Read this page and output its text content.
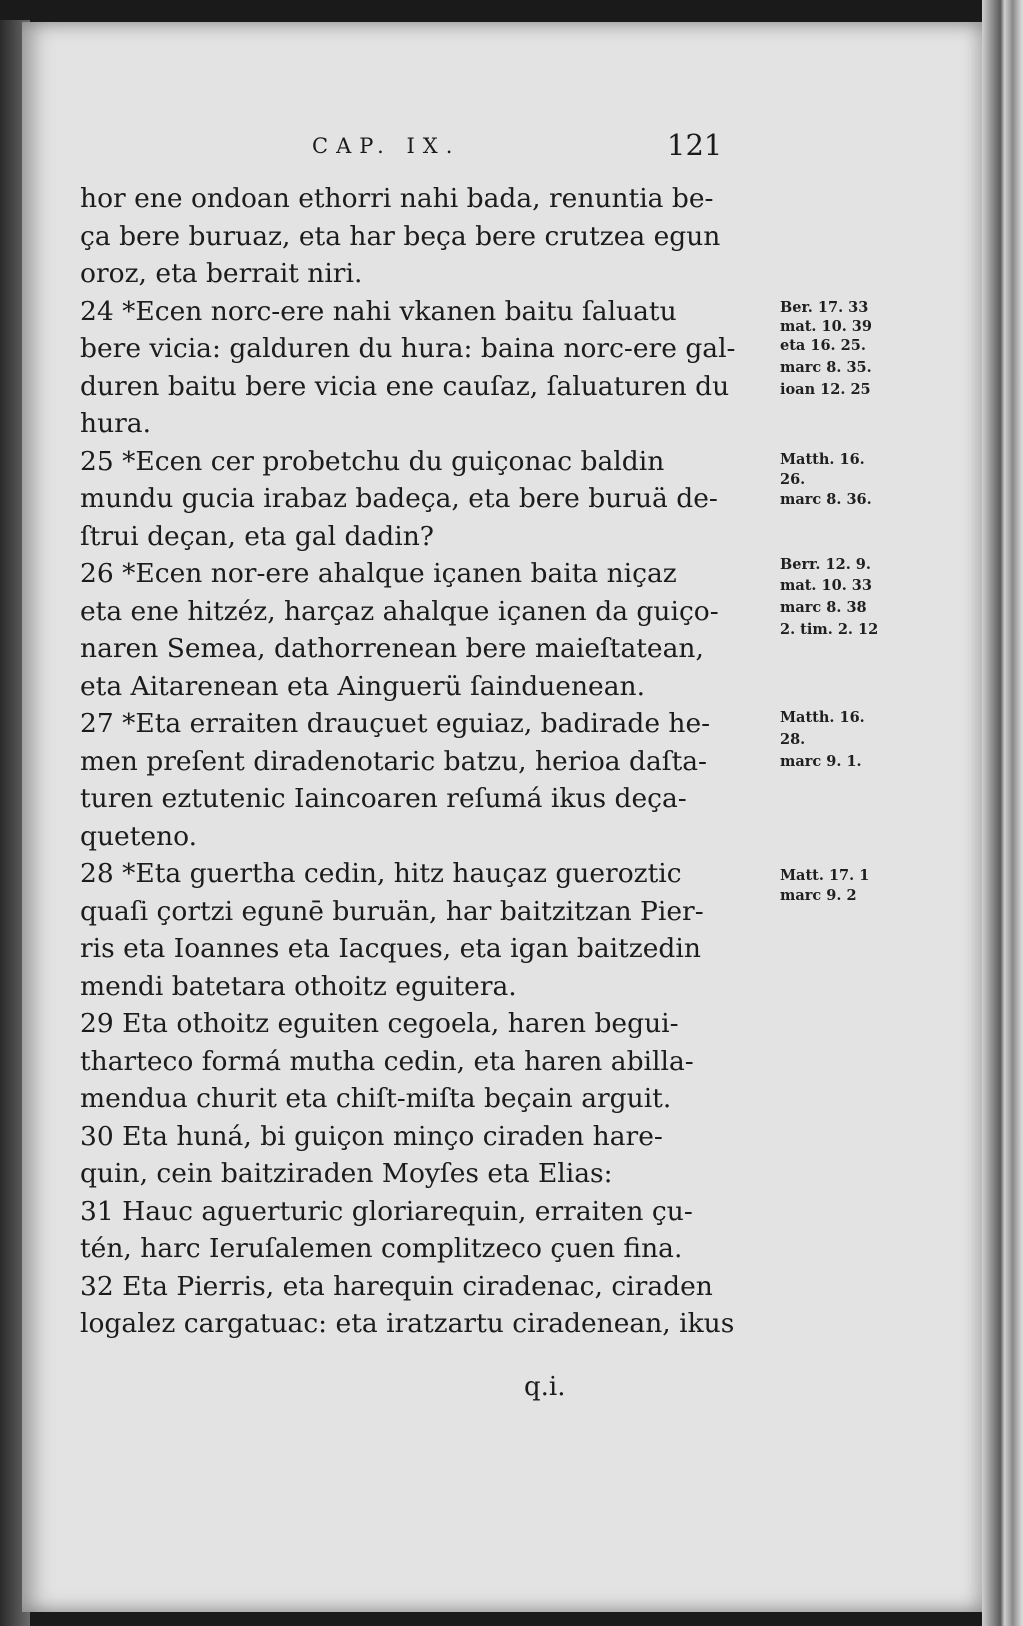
CAP. IX.	121
hor ene ondoan ethorri nahi bada, renuntia be-
ça bere buruaz, eta har beça bere crutzea egun
oroz, eta berrait niri.
24 *Ecen norc-ere nahi vkanen baitu ſaluatu
bere vicia: galduren du hura: baina norc-ere gal-
duren baitu bere vicia ene cauſaz, ſaluaturen du
hura.
25 *Ecen cer probetchu du guiçonac baldin
mundu gucia irabaz badeça, eta bere buruä de-
ſtrui deçan, eta gal dadin?
26 *Ecen nor-ere ahalque içanen baita niçaz
eta ene hitzéz, harçaz ahalque içanen da guiço-
naren Semea, dathorrenean bere maieſtatean,
eta Aitarenean eta Ainguerü ſainduenean.
27 *Eta erraiten drauçuet eguiaz, badirade he-
men preſent diradenotaric batzu, herioa daſta-
turen eztutenic Iaincoaren reſumá ikus deça-
queteno.
28 *Eta guertha cedin, hitz hauçaz gueroztic
quaſi çortzi egunē buruän, har baitzitzan Pier-
ris eta Ioannes eta Iacques, eta igan baitzedin
mendi batetara othoitz eguitera.
29 Eta othoitz eguiten cegoela, haren begui-
tharteco formá mutha cedin, eta haren abilla-
mendua churit eta chiſt-miſta beçain arguit.
30 Eta huná, bi guiçon minço ciraden hare-
quin, cein baitziraden Moyſes eta Elias:
31 Hauc aguerturic gloriarequin, erraiten çu-
tén, harc Ieruſalemen complitzeco çuen fina.
32 Eta Pierris, eta harequin ciradenac, ciraden
logalez cargatuac: eta iratzartu ciradenean, ikus
Ber. 17. 33
mat. 10. 39
eta 16. 25.
marc 8. 35.
ioan 12. 25
Matth. 16.
26.
marc 8. 36.
Berr. 12. 9.
mat. 10. 33
marc 8. 38
2. tim. 2. 12
Matth. 16.
28.
marc 9. 1.
Matt. 17. 1
marc 9. 2
q.i.
